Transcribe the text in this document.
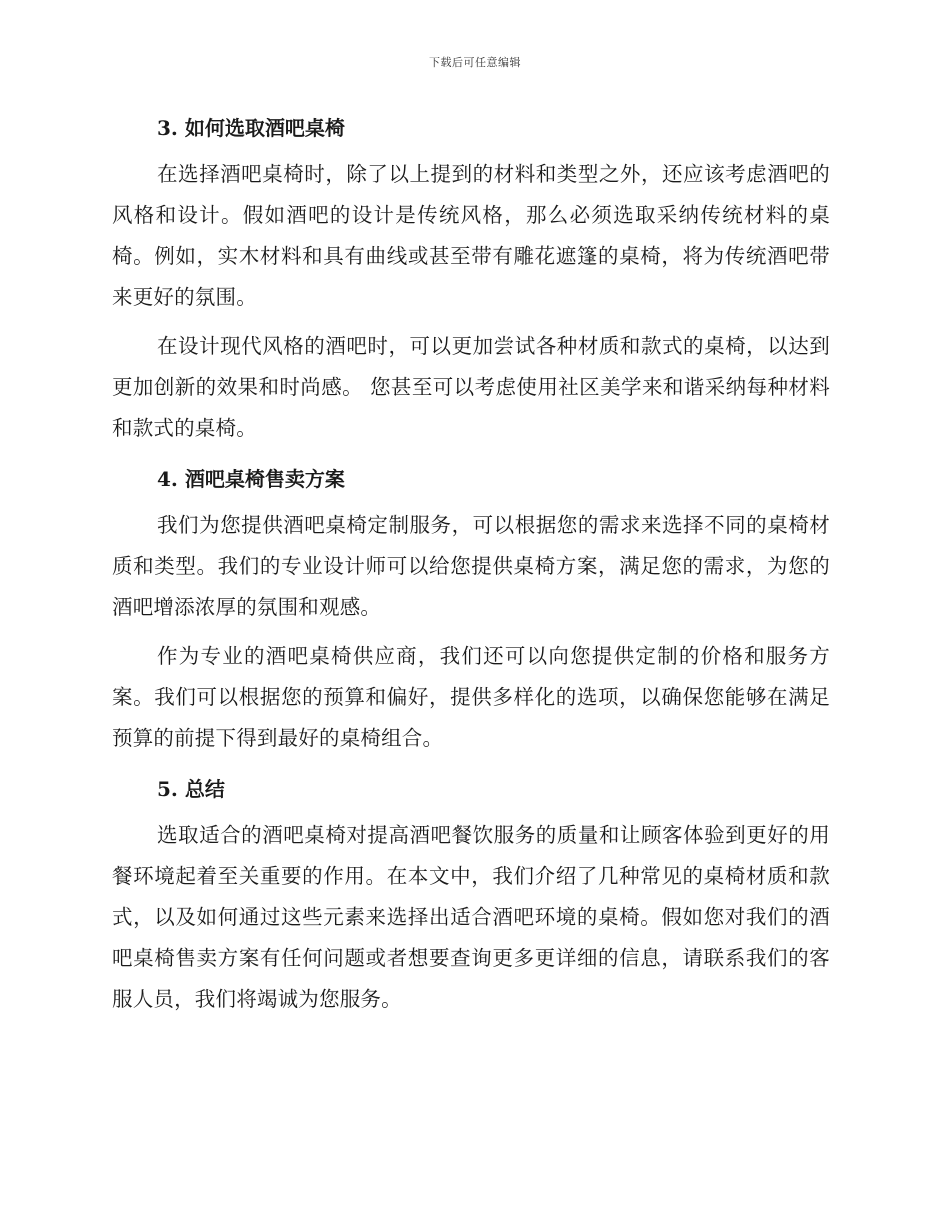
下载后可任意编辑
3. 如何选取酒吧桌椅

在选择酒吧桌椅时，除了以上提到的材料和类型之外，还应该考虑酒吧的风格和设计。假如酒吧的设计是传统风格，那么必须选取采纳传统材料的桌椅。例如，实木材料和具有曲线或甚至带有雕花遮篷的桌椅，将为传统酒吧带来更好的氛围。

在设计现代风格的酒吧时，可以更加尝试各种材质和款式的桌椅，以达到更加创新的效果和时尚感。 您甚至可以考虑使用社区美学来和谐采纳每种材料和款式的桌椅。

4. 酒吧桌椅售卖方案

我们为您提供酒吧桌椅定制服务，可以根据您的需求来选择不同的桌椅材质和类型。我们的专业设计师可以给您提供桌椅方案，满足您的需求，为您的酒吧增添浓厚的氛围和观感。

作为专业的酒吧桌椅供应商，我们还可以向您提供定制的价格和服务方案。我们可以根据您的预算和偏好，提供多样化的选项，以确保您能够在满足预算的前提下得到最好的桌椅组合。

5. 总结

选取适合的酒吧桌椅对提高酒吧餐饮服务的质量和让顾客体验到更好的用餐环境起着至关重要的作用。在本文中，我们介绍了几种常见的桌椅材质和款式，以及如何通过这些元素来选择出适合酒吧环境的桌椅。假如您对我们的酒吧桌椅售卖方案有任何问题或者想要查询更多更详细的信息，请联系我们的客服人员，我们将竭诚为您服务。
